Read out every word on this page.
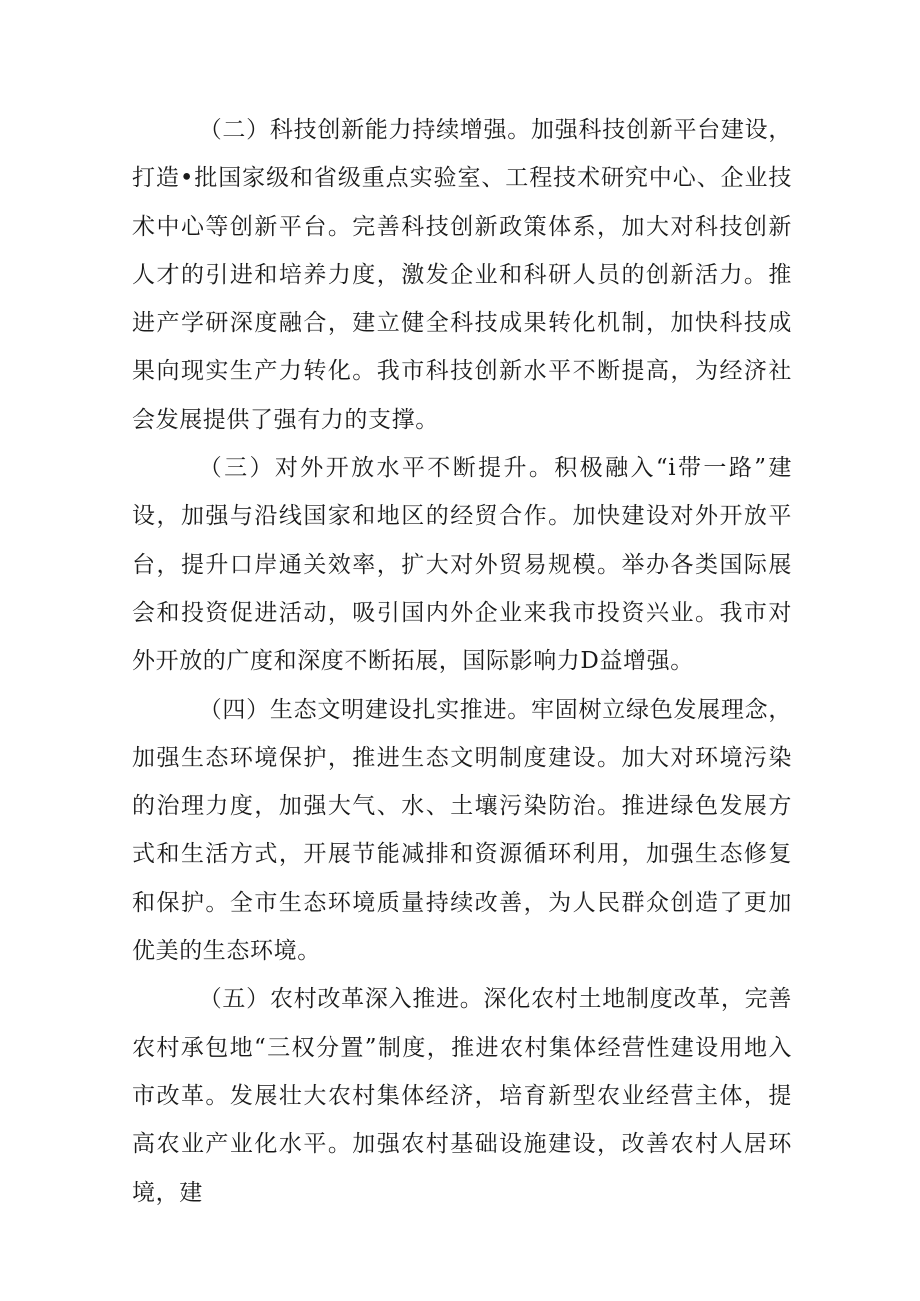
（二）科技创新能力持续增强。加强科技创新平台建设，打造•批国家级和省级重点实验室、工程技术研究中心、企业技术中心等创新平台。完善科技创新政策体系，加大对科技创新人才的引进和培养力度，激发企业和科研人员的创新活力。推进产学研深度融合，建立健全科技成果转化机制，加快科技成果向现实生产力转化。我市科技创新水平不断提高，为经济社会发展提供了强有力的支撑。

（三）对外开放水平不断提升。积极融入“i带一路”建设，加强与沿线国家和地区的经贸合作。加快建设对外开放平台，提升口岸通关效率，扩大对外贸易规模。举办各类国际展会和投资促进活动，吸引国内外企业来我市投资兴业。我市对外开放的广度和深度不断拓展，国际影响力D益增强。

（四）生态文明建设扎实推进。牢固树立绿色发展理念，加强生态环境保护，推进生态文明制度建设。加大对环境污染的治理力度，加强大气、水、土壤污染防治。推进绿色发展方式和生活方式，开展节能减排和资源循环利用，加强生态修复和保护。全市生态环境质量持续改善，为人民群众创造了更加优美的生态环境。

（五）农村改革深入推进。深化农村土地制度改革，完善农村承包地“三权分置”制度，推进农村集体经营性建设用地入市改革。发展壮大农村集体经济，培育新型农业经营主体，提高农业产业化水平。加强农村基础设施建设，改善农村人居环境，建
